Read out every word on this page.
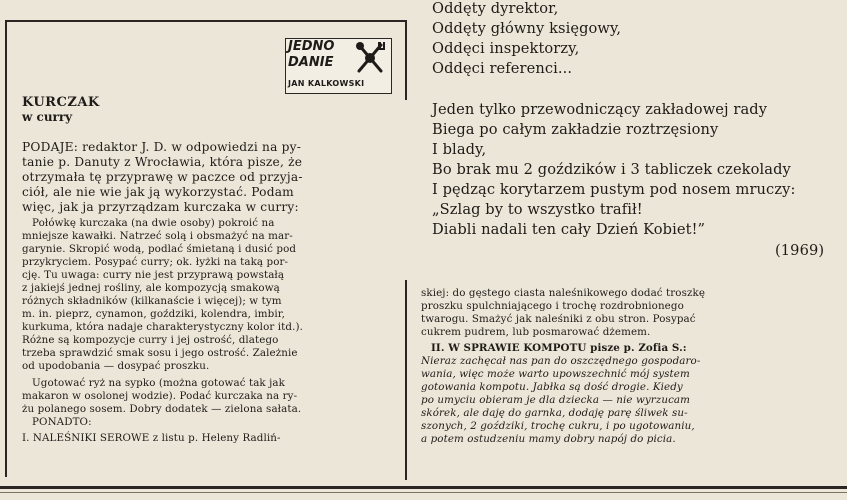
Oddęty dyrektor,
Oddęty główny księgowy,
Oddęci inspektorzy,
Oddęci referenci...
Jeden tylko przewodniczący zakładowej rady
Biega po całym zakładzie roztrzęsiony
I blady,
Bo brak mu 2 goździków i 3 tabliczek czekolady
I pędząc korytarzem pustym pod nosem mruczy:
„Szlag by to wszystko trafił!
Diabli nadali ten cały Dzień Kobiet!”
(1969)
JEDNO
DANIE
JAN KALKOWSKI
KURCZAK
w curry
PODAJE: redaktor J. D. w odpowiedzi na py-
tanie p. Danuty z Wrocławia, która pisze, że
otrzymała tę przyprawę w paczce od przyja-
ciół, ale nie wie jak ją wykorzystać. Podam
więc, jak ja przyrządzam kurczaka w curry:
Połówkę kurczaka (na dwie osoby) pokroić na
mniejsze kawałki. Natrzeć solą i obsmażyć na mar-
garynie. Skropić wodą, podlać śmietaną i dusić pod
przykryciem. Posypać curry; ok. łyżki na taką por-
cję. Tu uwaga: curry nie jest przyprawą powstałą
z jakiejś jednej rośliny, ale kompozycją smakową
różnych składników (kilkanaście i więcej); w tym
m. in. pieprz, cynamon, goździki, kolendra, imbir,
kurkuma, która nadaje charakterystyczny kolor itd.).
Różne są kompozycje curry i jej ostrość, dlatego
trzeba sprawdzić smak sosu i jego ostrość. Zależnie
od upodobania — dosypać proszku.
Ugotować ryż na sypko (można gotować tak jak
makaron w osolonej wodzie). Podać kurczaka na ry-
żu polanego sosem. Dobry dodatek — zielona sałata.
PONADTO:
I. NALEŚNIKI SEROWE z listu p. Heleny Radliń-
skiej: do gęstego ciasta naleśnikowego dodać troszkę
proszku spulchniającego i trochę rozdrobnionego
twarogu. Smażyć jak naleśniki z obu stron. Posypać
cukrem pudrem, lub posmarować dżemem.
II. W SPRAWIE KOMPOTU pisze p. Zofia S.:
Nieraz zachęcał nas pan do oszczędnego gospodaro-
wania, więc może warto upowszechnić mój system
gotowania kompotu. Jabłka są dość drogie. Kiedy
po umyciu obieram je dla dziecka — nie wyrzucam
skórek, ale daję do garnka, dodaję parę śliwek su-
szonych, 2 goździki, trochę cukru, i po ugotowaniu,
a potem ostudzeniu mamy dobry napój do picia.
